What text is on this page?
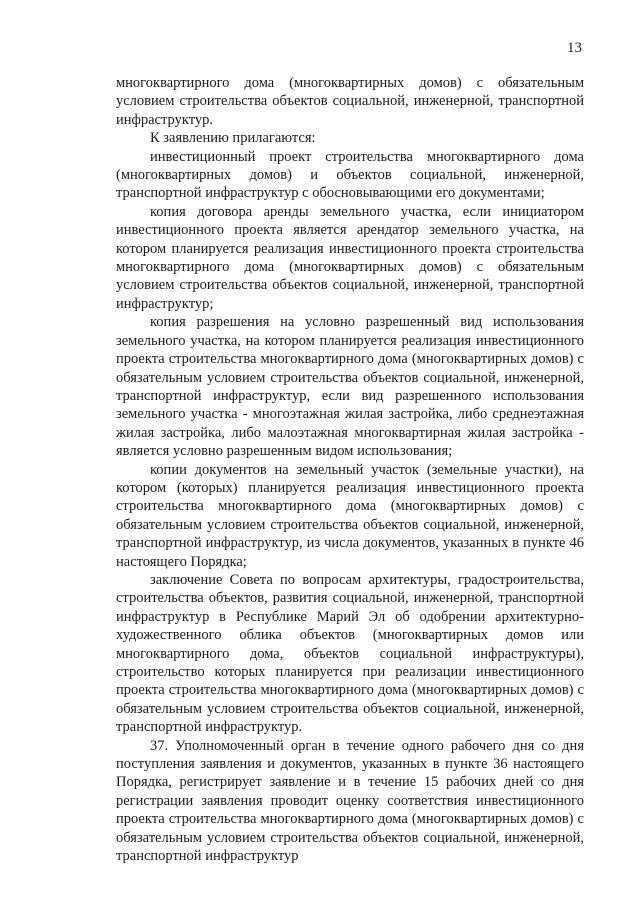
13

многоквартирного дома (многоквартирных домов) с обязательным условием строительства объектов социальной, инженерной, транспортной инфраструктур.

К заявлению прилагаются:

инвестиционный проект строительства многоквартирного дома (многоквартирных домов) и объектов социальной, инженерной, транспортной инфраструктур с обосновывающими его документами;

копия договора аренды земельного участка, если инициатором инвестиционного проекта является арендатор земельного участка, на котором планируется реализация инвестиционного проекта строительства многоквартирного дома (многоквартирных домов) с обязательным условием строительства объектов социальной, инженерной, транспортной инфраструктур;

копия разрешения на условно разрешенный вид использования земельного участка, на котором планируется реализация инвестиционного проекта строительства многоквартирного дома (многоквартирных домов) с обязательным условием строительства объектов социальной, инженерной, транспортной инфраструктур, если вид разрешенного использования земельного участка - многоэтажная жилая застройка, либо среднеэтажная жилая застройка, либо малоэтажная многоквартирная жилая застройка - является условно разрешенным видом использования;

копии документов на земельный участок (земельные участки), на котором (которых) планируется реализация инвестиционного проекта строительства многоквартирного дома (многоквартирных домов) с обязательным условием строительства объектов социальной, инженерной, транспортной инфраструктур, из числа документов, указанных в пункте 46 настоящего Порядка;

заключение Совета по вопросам архитектуры, градостроительства, строительства объектов, развития социальной, инженерной, транспортной инфраструктур в Республике Марий Эл об одобрении архитектурно-художественного облика объектов (многоквартирных домов или многоквартирного дома, объектов социальной инфраструктуры), строительство которых планируется при реализации инвестиционного проекта строительства многоквартирного дома (многоквартирных домов) с обязательным условием строительства объектов социальной, инженерной, транспортной инфраструктур.

37. Уполномоченный орган в течение одного рабочего дня со дня поступления заявления и документов, указанных в пункте 36 настоящего Порядка, регистрирует заявление и в течение 15 рабочих дней со дня регистрации заявления проводит оценку соответствия инвестиционного проекта строительства многоквартирного дома (многоквартирных домов) с обязательным условием строительства объектов социальной, инженерной, транспортной инфраструктур
